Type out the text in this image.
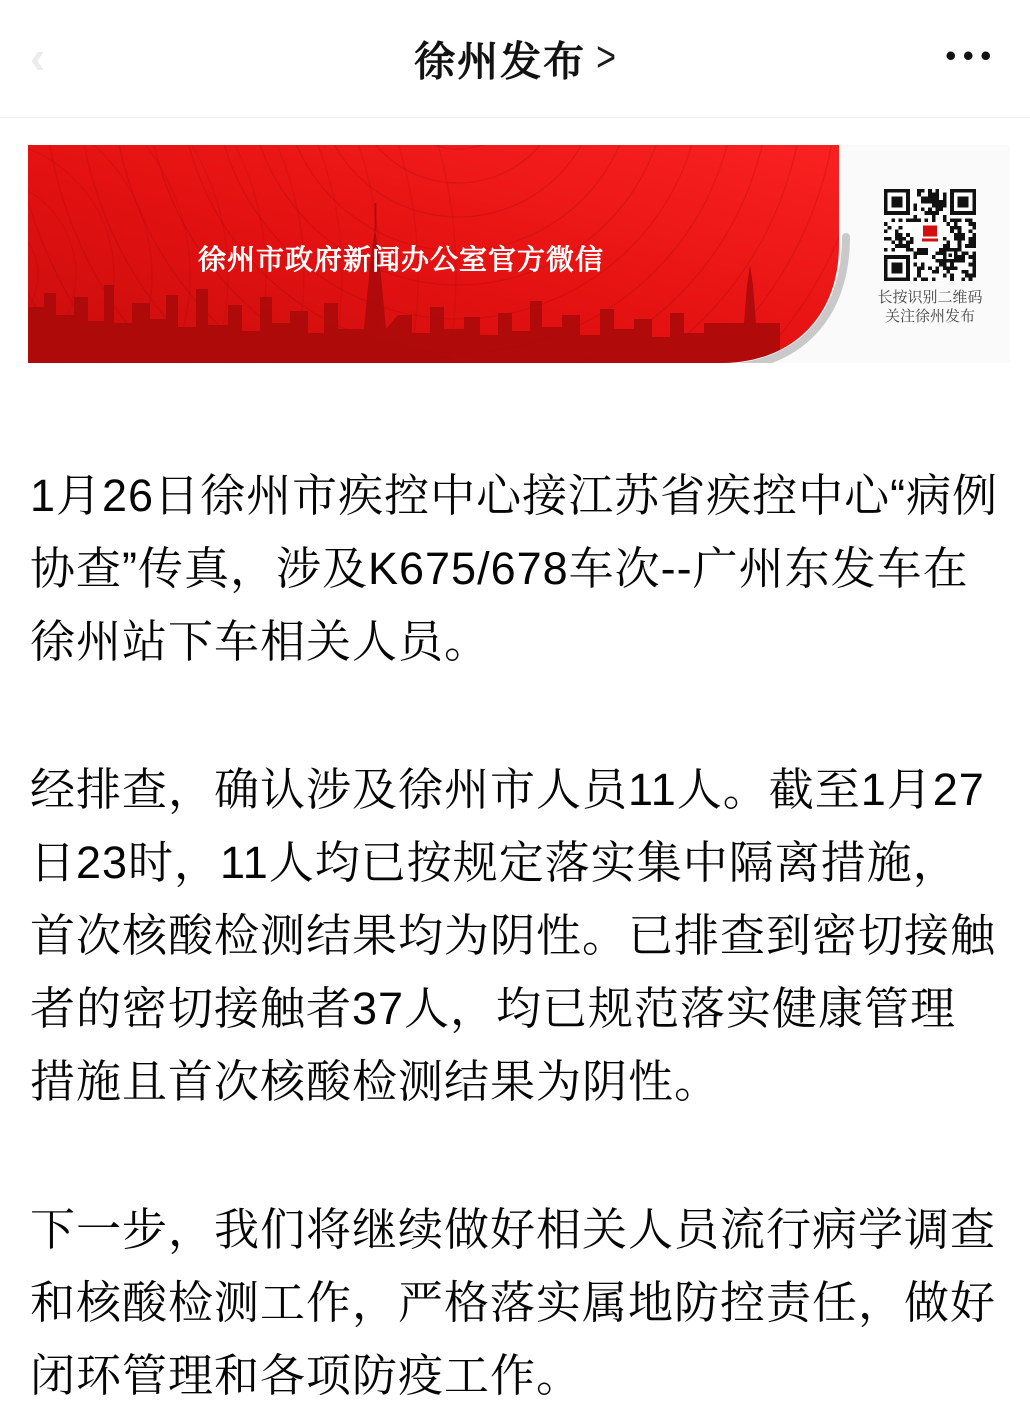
‹	徐州发布 >	•••
徐州市政府新闻办公室官方微信
长按识别二维码
关注徐州发布

1月26日徐州市疾控中心接江苏省疾控中心“病例协查”传真，涉及K675/678车次--广州东发车在徐州站下车相关人员。

经排查，确认涉及徐州市人员11人。截至1月27日23时，11人均已按规定落实集中隔离措施，首次核酸检测结果均为阴性。已排查到密切接触者的密切接触者37人，均已规范落实健康管理措施且首次核酸检测结果为阴性。

下一步，我们将继续做好相关人员流行病学调查和核酸检测工作，严格落实属地防控责任，做好闭环管理和各项防疫工作。
